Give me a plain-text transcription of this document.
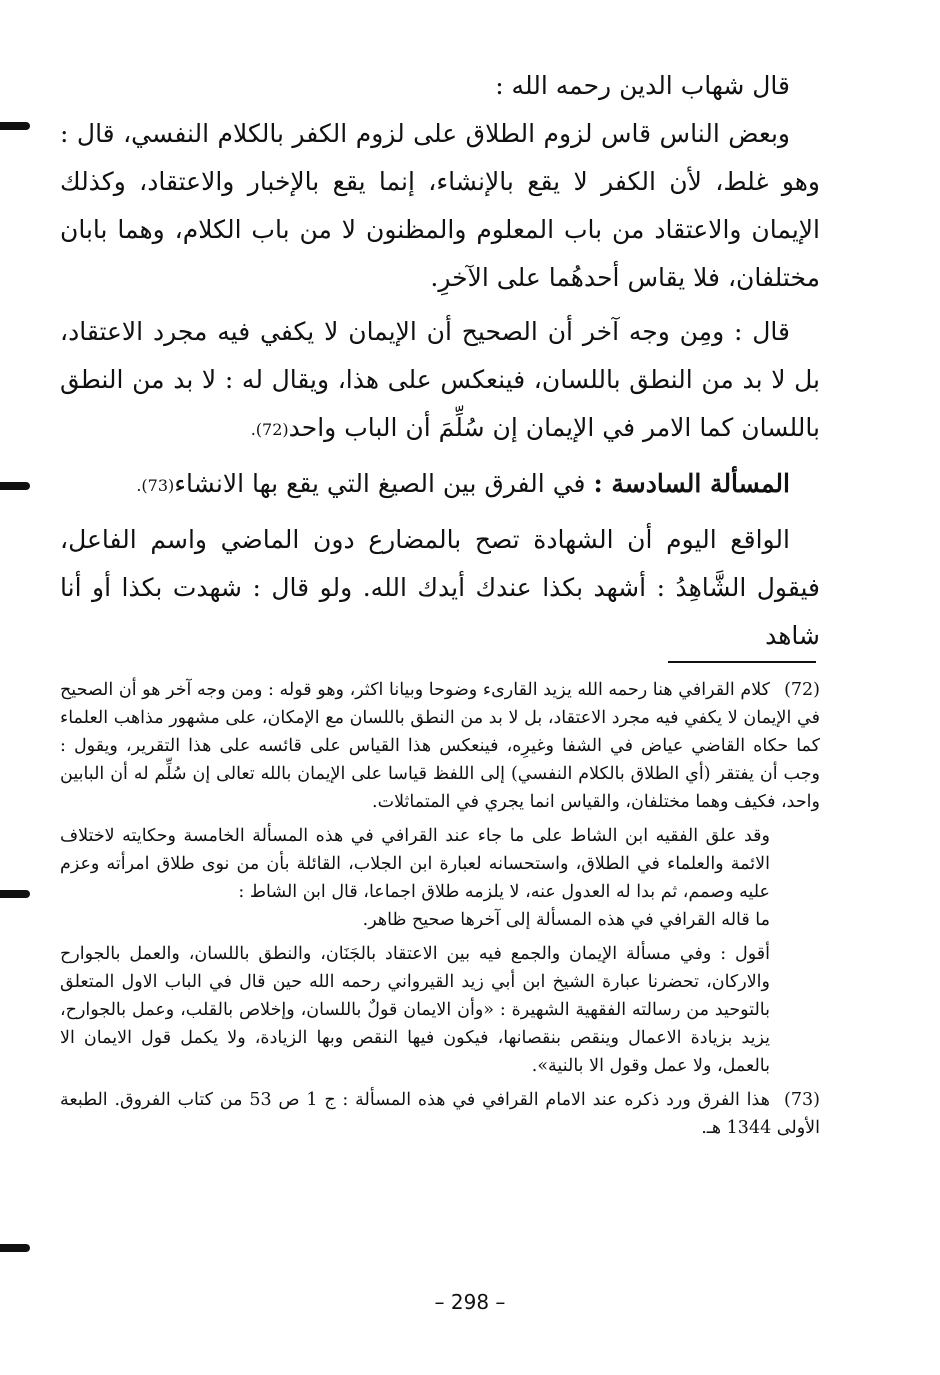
قال شهاب الدين رحمه الله :

وبعض الناس قاس لزوم الطلاق على لزوم الكفر بالكلام النفسي، قال : وهو غلط، لأن الكفر لا يقع بالإنشاء، إنما يقع بالإخبار والاعتقاد، وكذلك الإيمان والاعتقاد من باب المعلوم والمظنون لا من باب الكلام، وهما بابان مختلفان، فلا يقاس أحدهُما على الآخرِ.

قال : ومِن وجه آخر أن الصحيح أن الإيمان لا يكفي فيه مجرد الاعتقاد، بل لا بد من النطق باللسان، فينعكس على هذا، ويقال له : لا بد من النطق باللسان كما الامر في الإيمان إن سُلِّمَ أن الباب واحد(72).

المسألة السادسة : في الفرق بين الصيغ التي يقع بها الانشاء(73).

الواقع اليوم أن الشهادة تصح بالمضارع دون الماضي واسم الفاعل، فيقول الشَّاهِدُ : أشهد بكذا عندك أيدك الله. ولو قال : شهدت بكذا أو أنا شاهد

(72)كلام القرافي هنا رحمه الله يزيد القارىء وضوحا وبيانا اكثر، وهو قوله : ومن وجه آخر هو أن الصحيح في الإيمان لا يكفي فيه مجرد الاعتقاد، بل لا بد من النطق باللسان مع الإمكان، على مشهور مذاهب العلماء كما حكاه القاضي عياض في الشفا وغيرِه، فينعكس هذا القياس على قائسه على هذا التقرير، ويقول : وجب أن يفتقر (أي الطلاق بالكلام النفسي) إلى اللفظ قياسا على الإيمان بالله تعالى إن سُلِّم له أن البابين واحد، فكيف وهما مختلفان، والقياس انما يجري في المتماثلات.

وقد علق الفقيه ابن الشاط على ما جاء عند القرافي في هذه المسألة الخامسة وحكايته لاختلاف الائمة والعلماء في الطلاق، واستحسانه لعبارة ابن الجلاب، القائلة بأن من نوى طلاق امرأته وعزم عليه وصمم، ثم بدا له العدول عنه، لا يلزمه طلاق اجماعا، قال ابن الشاط :

ما قاله القرافي في هذه المسألة إلى آخرها صحيح ظاهر.

أقول : وفي مسألة الإيمان والجمع فيه بين الاعتقاد بالجَنَان، والنطق باللسان، والعمل بالجوارح والاركان، تحضرنا عبارة الشيخ ابن أبي زيد القيرواني رحمه الله حين قال في الباب الاول المتعلق بالتوحيد من رسالته الفقهية الشهيرة : «وأن الايمان قولٌ باللسان، وإخلاص بالقلب، وعمل بالجوارح، يزيد بزيادة الاعمال وينقص بنقصانها، فيكون فيها النقص وبها الزيادة، ولا يكمل قول الايمان الا بالعمل، ولا عمل وقول الا بالنية».

(73)هذا الفرق ورد ذكره عند الامام القرافي في هذه المسألة : ج 1 ص 53 من كتاب الفروق. الطبعة الأولى 1344 هـ.

– 298 –
